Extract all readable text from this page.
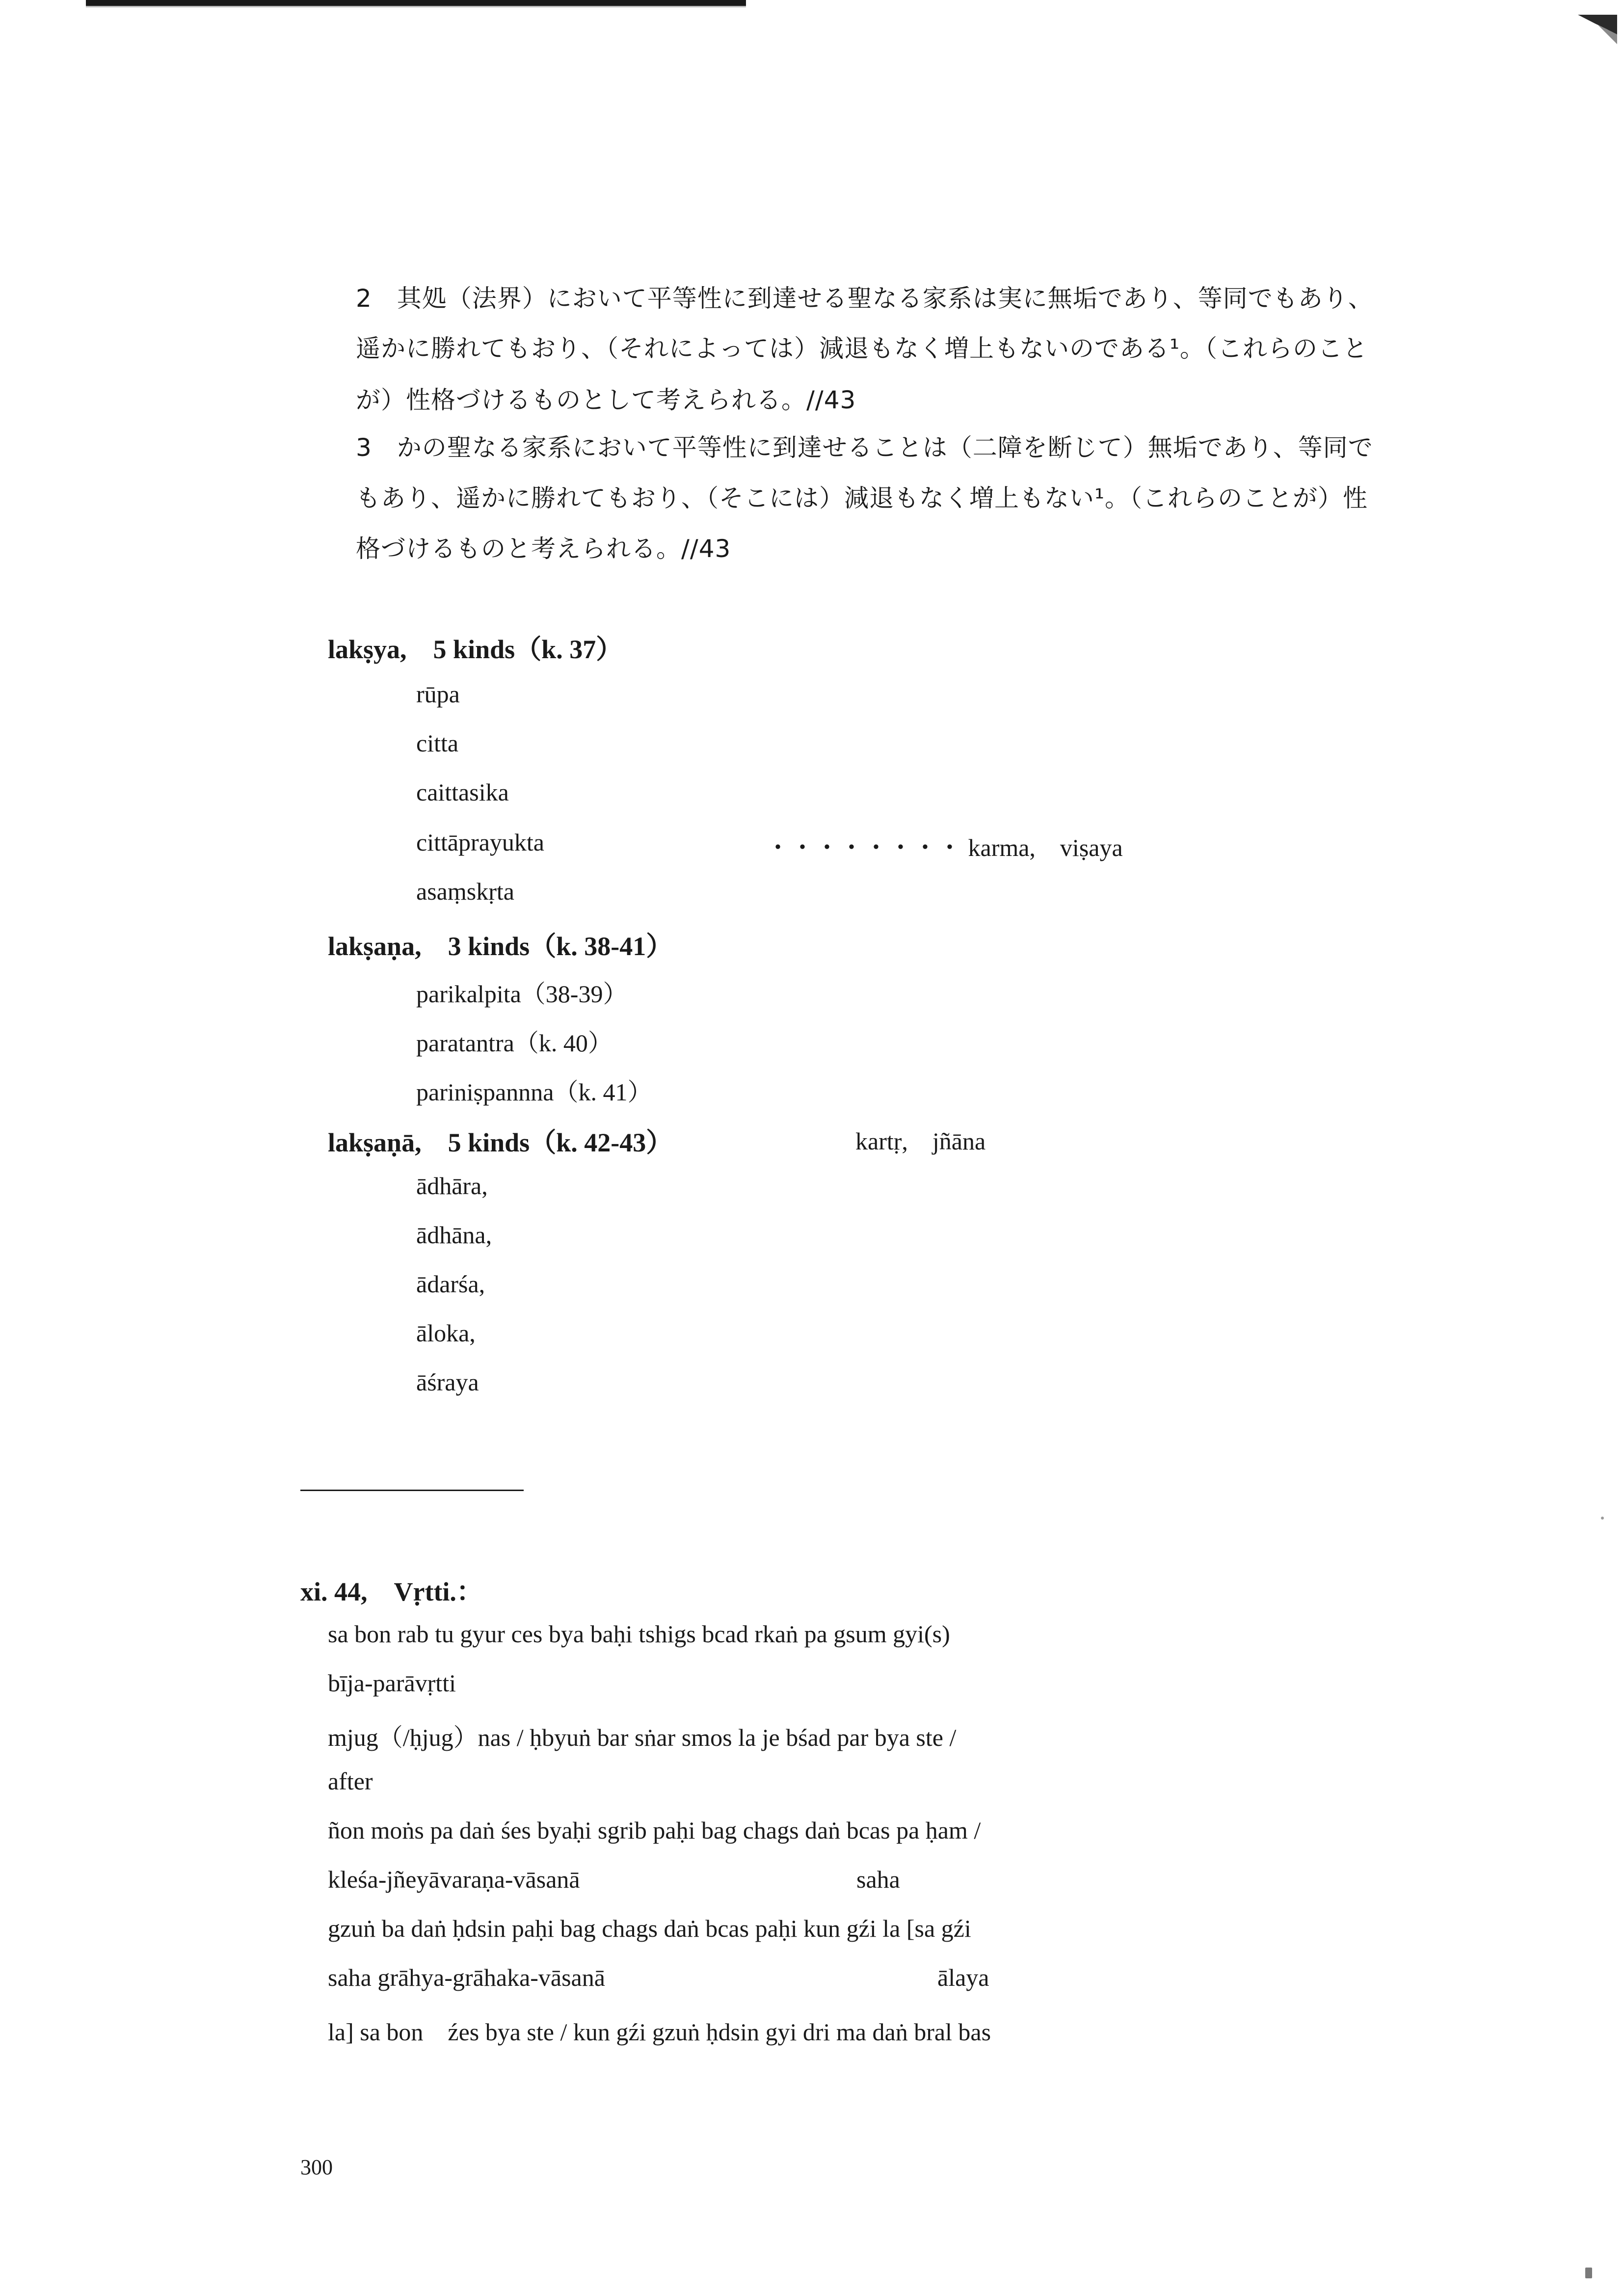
2　其処（法界）において平等性に到達せる聖なる家系は実に無垢であり、等同でもあり、
遥かに勝れてもおり、（それによっては）減退もなく増上もないのである¹。（これらのこと
が）性格づけるものとして考えられる。//43
3　かの聖なる家系において平等性に到達せることは（二障を断じて）無垢であり、等同で
もあり、遥かに勝れてもおり、（そこには）減退もなく増上もない¹。（これらのことが）性
格づけるものと考えられる。//43
lakṣya,　5 kinds（k. 37）
rūpa
citta
caittasika
cittāprayukta	・・・・・・・・ karma,　viṣaya
asaṃskṛta
lakṣaṇa,　3 kinds（k. 38-41）
parikalpita（38-39）
paratantra（k. 40）
pariniṣpannna（k. 41）
lakṣaṇā,　5 kinds（k. 42-43）	kartṛ,　jñāna
ādhāra,
ādhāna,
ādarśa,
āloka,
āśraya
xi. 44,　Vṛtti.：
sa bon rab tu gyur ces bya baḥi tshigs bcad rkaṅ pa gsum gyi(s)
bīja-parāvṛtti
mjug（/ḥjug）nas / ḥbyuṅ bar sṅar smos la je bśad par bya ste /
after
ñon moṅs pa daṅ śes byaḥi sgrib paḥi bag chags daṅ bcas pa ḥam /
kleśa-jñeyāvaraṇa-vāsanā	saha
gzuṅ ba daṅ ḥdsin paḥi bag chags daṅ bcas paḥi kun gźi la [sa gźi
saha grāhya-grāhaka-vāsanā	ālaya
la] sa bon　źes bya ste / kun gźi gzuṅ ḥdsin gyi dri ma daṅ bral bas
300
